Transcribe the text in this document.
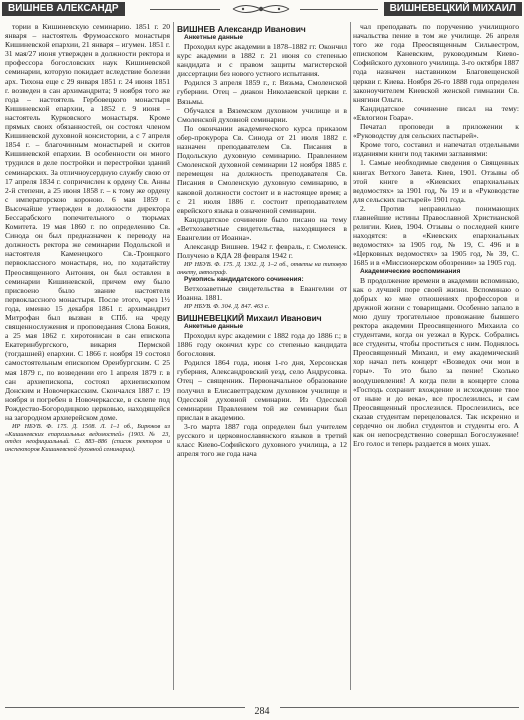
ВИШНЕВ АЛЕКСАНДР	ВИШНЕВЕЦКИЙ МИХАИЛ

тории в Кишиневскую семинарию. 1851 г. 20 января – настоятель Фрумоасского монастыря Кишиневской епархии, 21 января – игумен. 1851 г. 31 мая/27 июня утвержден в должности ректора и профессора богословских наук Кишиневской семинарии, которую покидает вследствие болезни арх. Тихона еще с 29 января 1851 г. 24 июня 1851 г. возведен в сан архимандрита; 9 ноября того же года – настоятель Гербовецкого монастыря Кишиневской епархии, а 1852 г. 9 июня – настоятель Курковского монастыря. Кроме прямых своих обязанностей, он состоял членом Кишиневской духовной консистории, а с 7 апреля 1854 г. – благочинным монастырей и скитов Кишиневской епархии. В особенности он много трудился в деле постройки и перестройки зданий семинарских. За отличноусердную службу свою от 17 апреля 1834 г. сопричислен к ордену Св. Анны 2-й степени, а 25 июня 1858 г. – к тому же ордену с императорскою короною. 6 мая 1859 г. Высочайше утвержден в должности директора Бессарабского попечительного о тюрьмах Комитета. 19 мая 1860 г. по определению Св. Синода он был предназначен к переводу на должность ректора же семинарии Подольской и настоятеля Каменецкого Св.-Троицкого первоклассного монастыря, но, по ходатайству Преосвященного Антония, он был оставлен в семинарии Кишиневской, причем ему было присвоено было звание настоятеля первоклассного монастыря. После этого, чрез 1½ года, именно 15 декабря 1861 г. архимандрит Митрофан был вызван в СПб. на чреду священнослужения и проповедания Слова Божия, а 25 мая 1862 г. хиротонисан в сан епископа Екатеринбургского, викария Пермской (тогдашней) епархии. С 1866 г. ноября 19 состоял самостоятельным епископом Оренбургским. С 25 мая 1879 г., по возведении его 1 апреля 1879 г. в сан архиепископа, состоял архиепископом Донским и Новочеркасским. Скончался 1887 г. 19 ноября и погребен в Новочеркасске, в склепе под Рождество-Богородицкою церковью, находящейся на загородном архиерейском доме.

ИР НБУВ. Ф. 175. Д. 1508. Л. 1–1 об., Бирюков из «Кишиневских епархиальных ведомостей» (1903. № 23, отдел неофициальный. С. 883–886 (список ректоров и инспекторов Кишиневской духовной семинарии).

ВИШНЕВ Александр Иванович

Анкетные данные

Проходил курс академии в 1878–1882 гг. Окончил курс академии в 1882 г. 21 июня со степенью кандидата и с правом защиты магистерской диссертации без нового устного испытания.

Родился 3 апреля 1859 г., г. Вязьма, Смоленской губернии. Отец – диакон Николаевской церкви г. Вязьмы.

Обучался в Вяземском духовном училище и в Смоленской духовной семинарии.

По окончании академического курса приказом обер-прокурора Св. Синода от 21 июля 1882 г. назначен преподавателем Св. Писания в Подольскую духовную семинарию. Правлением Смоленской духовной семинарии 12 ноября 1885 г. перемещен на должность преподавателя Св. Писания в Смоленскую духовную семинарию, в каковой должности состоит и в настоящее время; а с 21 июля 1886 г. состоит преподавателем еврейского языка в означенной семинарии.

Кандидатское сочинение было писано на тему «Ветхозаветные свидетельства, находящиеся в Евангелии от Иоанна».

Александр Вишнев. 1942 г. февраль, г. Смоленск. Получено в КДА 28 февраля 1942 г.

ИР НБУВ. Ф. 175. Д. 1302. Д. 1–2 об., ответы на типовую анкету, автограф.

Рукопись кандидатского сочинения:

Ветхозаветные свидетельства в Евангелии от Иоанна. 1881.

ИР НБУВ. Ф. 304. Д. 847. 463 с.

ВИШНЕВЕЦКИЙ Михаил Иванович

Анкетные данные

Проходил курс академии с 1882 года до 1886 г.; в 1886 году окончил курс со степенью кандидата богословия.

Родился 1864 года, июня 1-го дня, Херсонская губерния, Александровский уезд, село Андрусовка. Отец – священник. Первоначальное образование получил в Елисаветградском духовном училище и Одесской духовной семинарии. Из Одесской семинарии Правлением той же семинарии был прислан в академию.

3-го марта 1887 года определен был учителем русского и церковнославянского языков в третий класс Киево-Софийского духовного училища, а 12 апреля того же года нача

чал преподавать по поручению училищного начальства пение в том же училище. 26 апреля того же года Преосвященным Сильвестром, епископом Каневским, руководимым Киево-Софийского духовного училища. 3-го октября 1887 года назначен наставником Благовещенской церкви г. Киева. Ноября 26-го 1888 года определен законоучителем Киевской женской гимназии Св. княгини Ольги.

Кандидатское сочинение писал на тему: «Евлогион Гоара».

Печатал проповеди в приложении к «Руководству для сельских пастырей».

Кроме того, составил и напечатал отдельными изданиями книги под такими заглавиями:

1. Самые необходимые сведения о Священных книгах Ветхого Завета. Киев, 1901. Отзывы об этой книге в «Киевских епархиальных ведомостях» за 1901 год, № 19 и в «Руководстве для сельских пастырей» 1901 года.

2. Против неправильно понимающих главнейшие истины Православной Христианской религии. Киев, 1904. Отзывы о последней книге находятся: в «Киевских епархиальных ведомостях» за 1905 год, № 19, С. 496 и в «Церковных ведомостях» за 1905 год, № 39, С. 1685 и в «Миссионерском обозрении» за 1905 год.

Академические воспоминания

В продолжение времени в академии вспоминаю, как о лучшей поре своей жизни. Вспоминаю о добрых ко мне отношениях профессоров и дружной жизни с товарищами. Особенно запало в мою душу трогательное провожание бывшего ректора академии Преосвященного Михаила со студентами, когда он уезжал в Курск. Собрались все студенты, чтобы проститься с ним. Поднялось Преосвященный Михаил, и ему академический хор начал петь концерт «Возведох очи мои в горы». То это было за пение! Сколько воодушевления! А когда пели в концерте слова «Господь сохранит вхождение и исхождение твое от ныне и до века», все прослезились, и сам Преосвященный прослезился. Прослезились, все сказав студентам перецеловался. Так искренно и сердечно он любил студентов и студенты его. А как он непосредственно совершал Богослужение! Его голос и теперь раздается в моих ушах.

284
